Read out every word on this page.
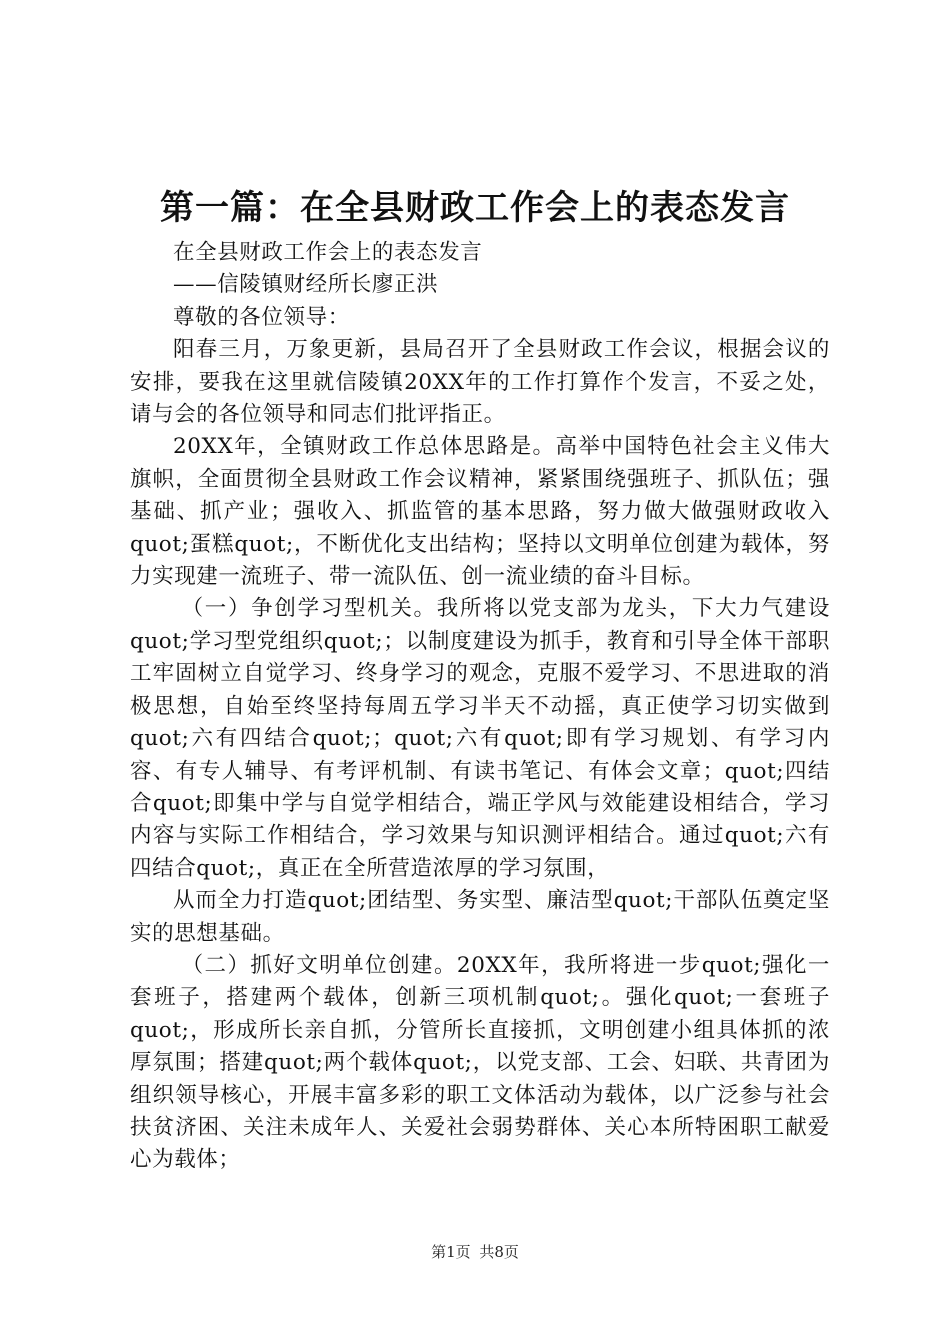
第一篇：在全县财政工作会上的表态发言

在全县财政工作会上的表态发言

——信陵镇财经所长廖正洪

尊敬的各位领导：

阳春三月，万象更新，县局召开了全县财政工作会议，根据会议的安排，要我在这里就信陵镇20XX年的工作打算作个发言，不妥之处，请与会的各位领导和同志们批评指正。

20XX年，全镇财政工作总体思路是。高举中国特色社会主义伟大旗帜，全面贯彻全县财政工作会议精神，紧紧围绕强班子、抓队伍；强基础、抓产业；强收入、抓监管的基本思路，努力做大做强财政收入quot;蛋糕quot;，不断优化支出结构；坚持以文明单位创建为载体，努力实现建一流班子、带一流队伍、创一流业绩的奋斗目标。

（一）争创学习型机关。我所将以党支部为龙头，下大力气建设quot;学习型党组织quot;；以制度建设为抓手，教育和引导全体干部职工牢固树立自觉学习、终身学习的观念，克服不爱学习、不思进取的消极思想，自始至终坚持每周五学习半天不动摇，真正使学习切实做到quot;六有四结合quot;；quot;六有quot;即有学习规划、有学习内容、有专人辅导、有考评机制、有读书笔记、有体会文章；quot;四结合quot;即集中学与自觉学相结合，端正学风与效能建设相结合，学习内容与实际工作相结合，学习效果与知识测评相结合。通过quot;六有四结合quot;，真正在全所营造浓厚的学习氛围，

从而全力打造quot;团结型、务实型、廉洁型quot;干部队伍奠定坚实的思想基础。

（二）抓好文明单位创建。20XX年，我所将进一步quot;强化一套班子，搭建两个载体，创新三项机制quot;。强化quot;一套班子quot;，形成所长亲自抓，分管所长直接抓，文明创建小组具体抓的浓厚氛围；搭建quot;两个载体quot;，以党支部、工会、妇联、共青团为组织领导核心，开展丰富多彩的职工文体活动为载体，以广泛参与社会扶贫济困、关注未成年人、关爱社会弱势群体、关心本所特困职工献爱心为载体；

第1页 共8页
